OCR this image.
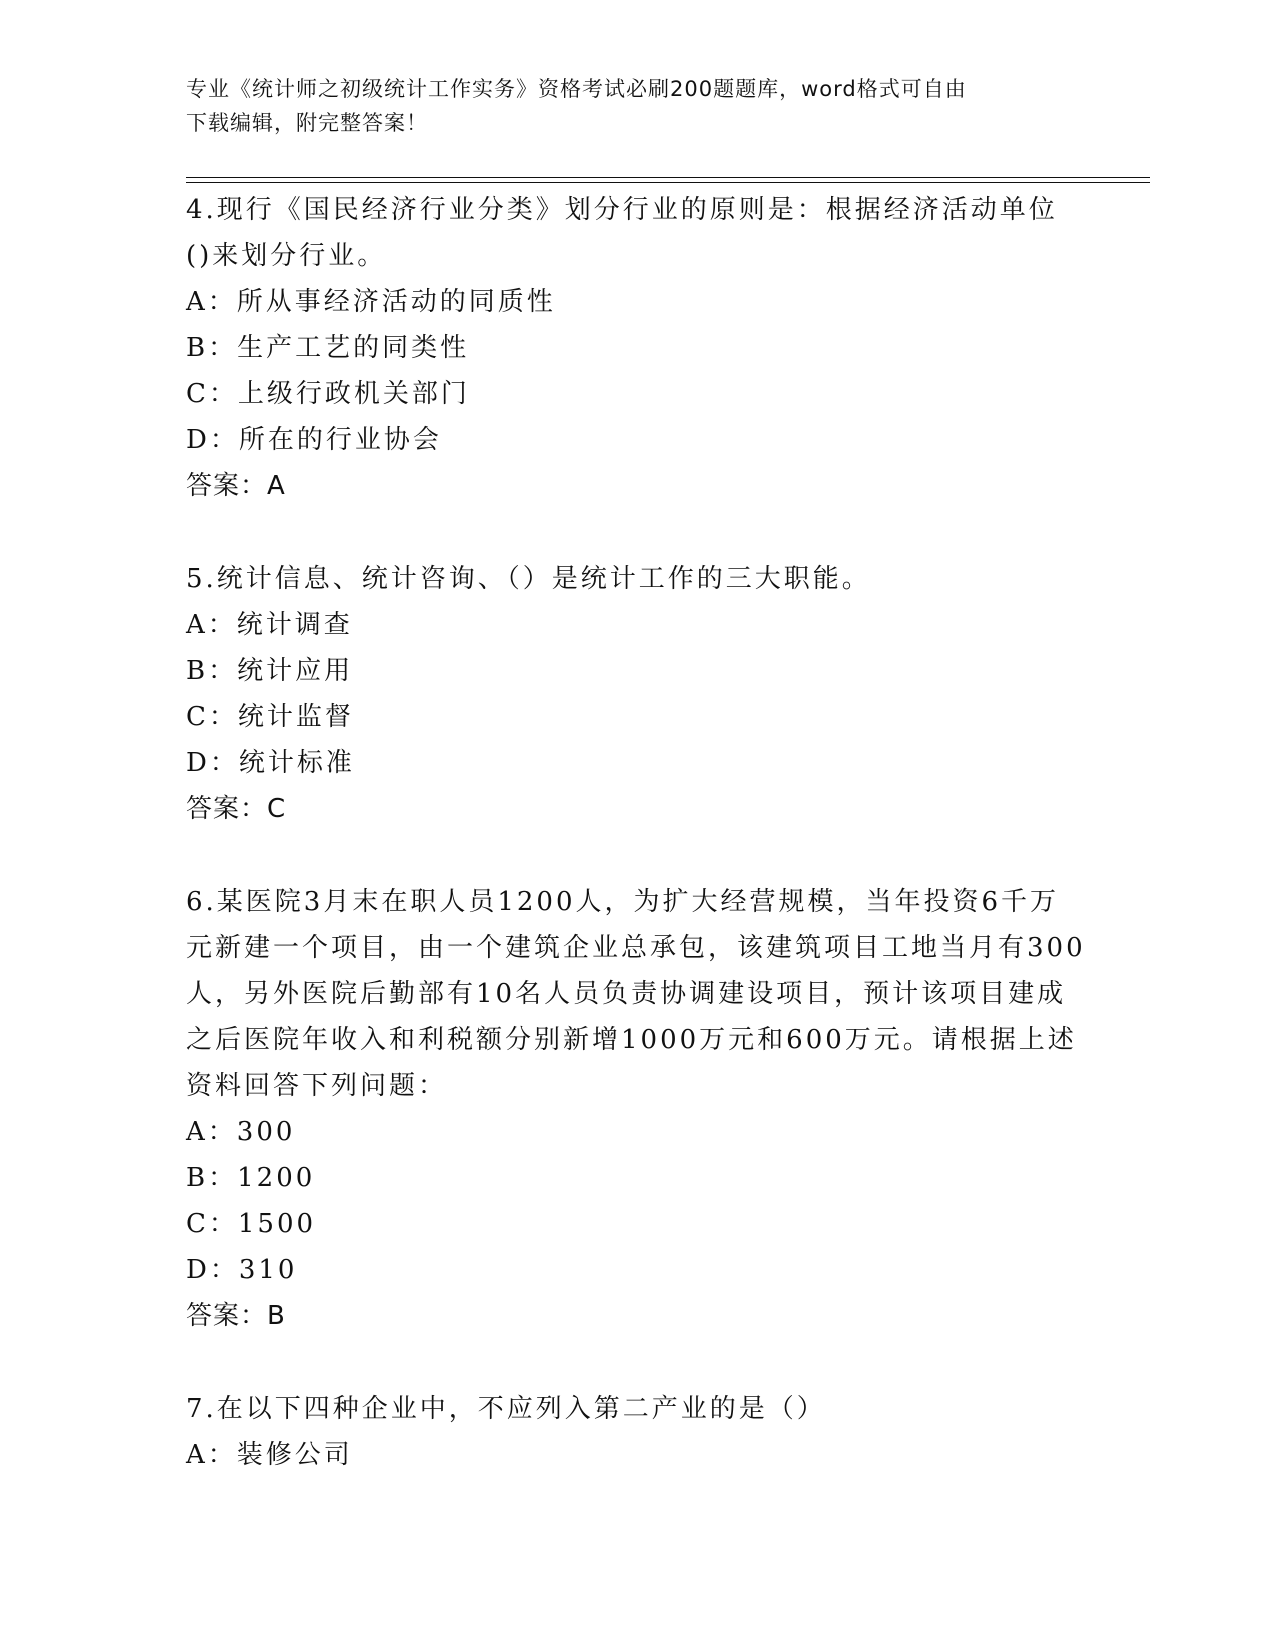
专业《统计师之初级统计工作实务》资格考试必刷200题题库，word格式可自由
下载编辑，附完整答案！
4.现行《国民经济行业分类》划分行业的原则是：根据经济活动单位
()来划分行业。
A：所从事经济活动的同质性
B：生产工艺的同类性
C：上级行政机关部门
D：所在的行业协会
答案：A
5.统计信息、统计咨询、（）是统计工作的三大职能。
A：统计调查
B：统计应用
C：统计监督
D：统计标准
答案：C
6.某医院3月末在职人员1200人，为扩大经营规模，当年投资6千万
元新建一个项目，由一个建筑企业总承包，该建筑项目工地当月有300
人，另外医院后勤部有10名人员负责协调建设项目，预计该项目建成
之后医院年收入和利税额分别新增1000万元和600万元。请根据上述
资料回答下列问题：
A：300
B：1200
C：1500
D：310
答案：B
7.在以下四种企业中，不应列入第二产业的是（）
A：装修公司
